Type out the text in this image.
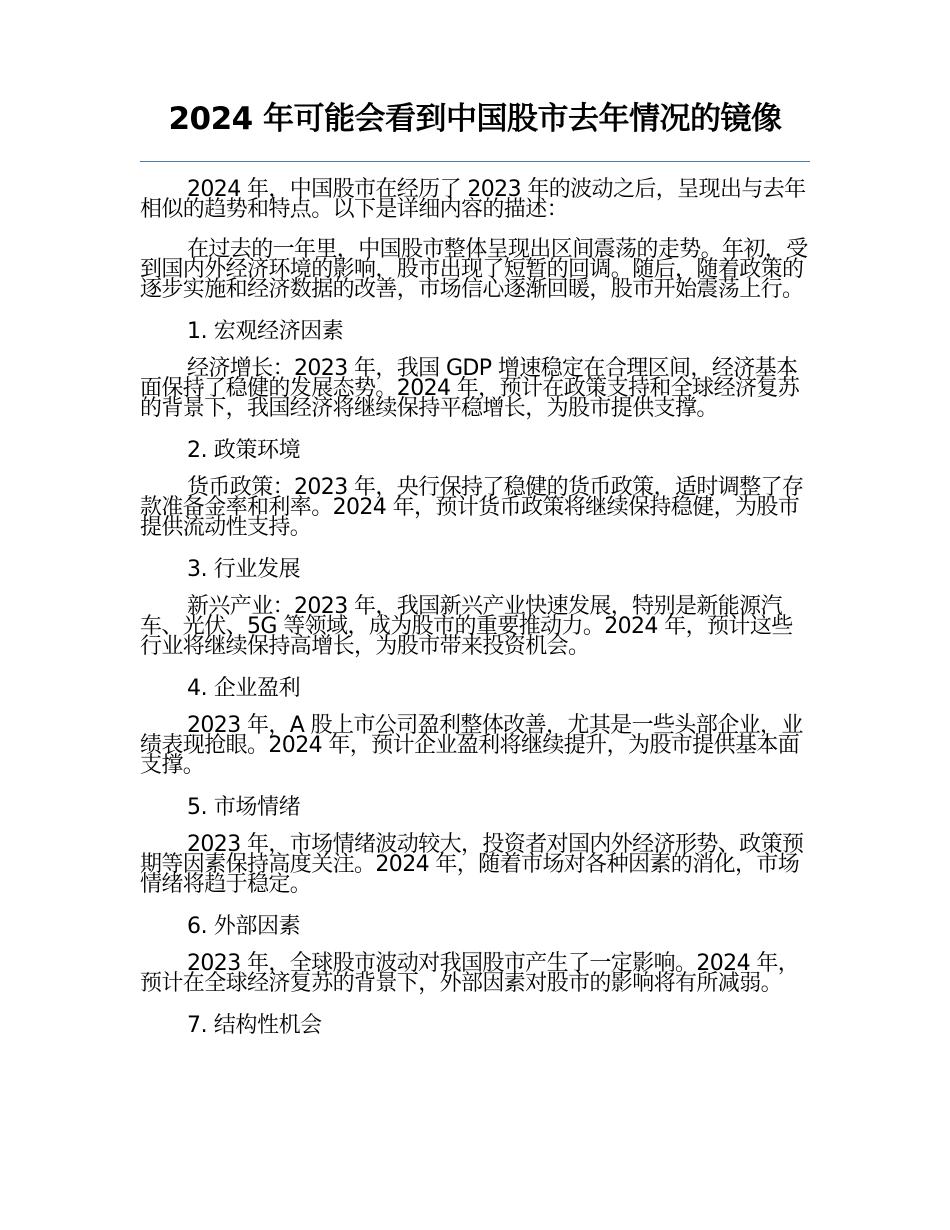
2024 年可能会看到中国股市去年情况的镜像

2024 年，中国股市在经历了 2023 年的波动之后，呈现出与去年相似的趋势和特点。以下是详细内容的描述：

在过去的一年里，中国股市整体呈现出区间震荡的走势。年初，受到国内外经济环境的影响，股市出现了短暂的回调。随后，随着政策的逐步实施和经济数据的改善，市场信心逐渐回暖，股市开始震荡上行。

1. 宏观经济因素

经济增长：2023 年，我国 GDP 增速稳定在合理区间，经济基本面保持了稳健的发展态势。2024 年，预计在政策支持和全球经济复苏的背景下，我国经济将继续保持平稳增长，为股市提供支撑。

2. 政策环境

货币政策：2023 年，央行保持了稳健的货币政策，适时调整了存款准备金率和利率。2024 年，预计货币政策将继续保持稳健，为股市提供流动性支持。

3. 行业发展

新兴产业：2023 年，我国新兴产业快速发展，特别是新能源汽车、光伏、5G 等领域，成为股市的重要推动力。2024 年，预计这些行业将继续保持高增长，为股市带来投资机会。

4. 企业盈利

2023 年，A 股上市公司盈利整体改善，尤其是一些头部企业，业绩表现抢眼。2024 年，预计企业盈利将继续提升，为股市提供基本面支撑。

5. 市场情绪

2023 年，市场情绪波动较大，投资者对国内外经济形势、政策预期等因素保持高度关注。2024 年，随着市场对各种因素的消化，市场情绪将趋于稳定。

6. 外部因素

2023 年，全球股市波动对我国股市产生了一定影响。2024 年，预计在全球经济复苏的背景下，外部因素对股市的影响将有所减弱。

7. 结构性机会
